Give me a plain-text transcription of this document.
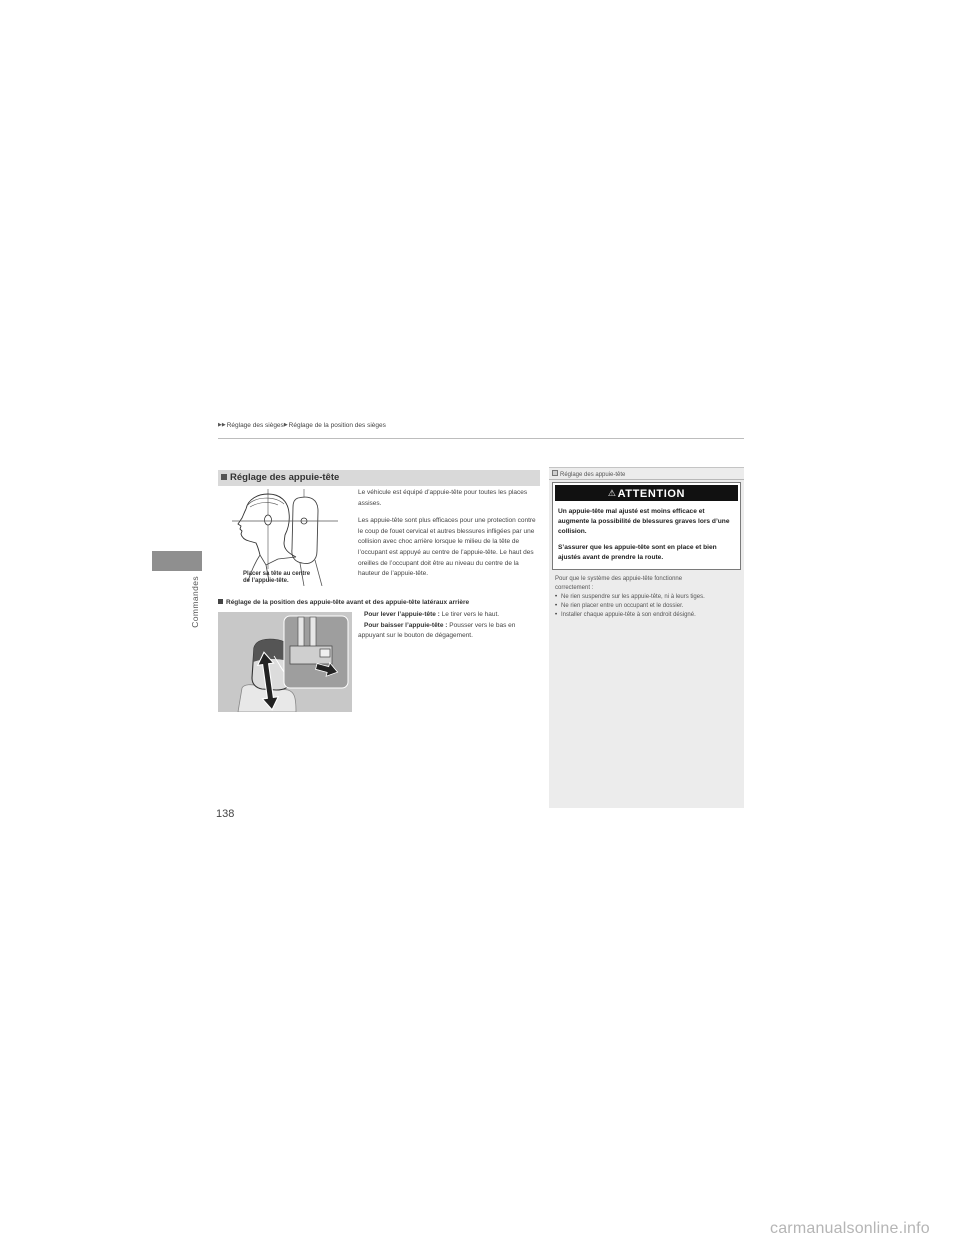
▶▶Réglage des sièges▶Réglage de la position des sièges
Commandes
Réglage des appuie-tête
Placer sa tête au centre
de l’appuie-tête.

Le véhicule est équipé d’appuie-tête pour toutes les places assises.

Les appuie-tête sont plus efficaces pour une protection contre le coup de fouet cervical et autres blessures infligées par une collision avec choc arrière lorsque le milieu de la tête de l’occupant est appuyé au centre de l’appuie-tête. Le haut des oreilles de l’occupant doit être au niveau du centre de la hauteur de l’appuie-tête.

Réglage de la position des appuie-tête avant et des appuie-tête latéraux arrière
Pour lever l’appuie-tête : Le tirer vers le haut.
Pour baisser l’appuie-tête : Pousser vers le bas en appuyant sur le bouton de dégagement.
Réglage des appuie-tête
⚠ATTENTION
Un appuie-tête mal ajusté est moins efficace et augmente la possibilité de blessures graves lors d’une collision.
S’assurer que les appuie-tête sont en place et bien ajustés avant de prendre la route.
Pour que le système des appuie-tête fonctionne correctement :
• Ne rien suspendre sur les appuie-tête, ni à leurs tiges.
• Ne rien placer entre un occupant et le dossier.
• Installer chaque appuie-tête à son endroit désigné.
138
carmanualsonline.info
